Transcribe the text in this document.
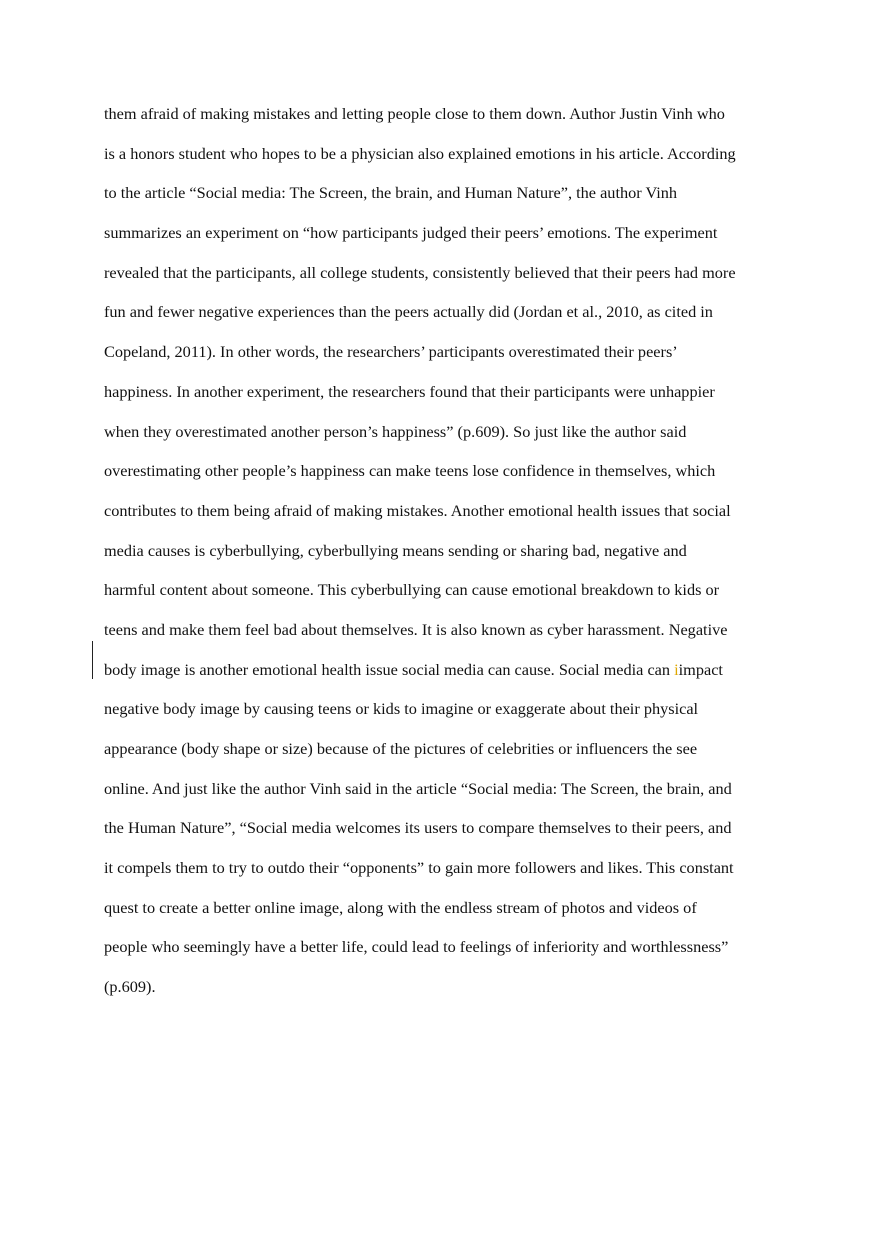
them afraid of making mistakes and letting people close to them down. Author Justin Vinh who
is a honors student who hopes to be a physician also explained emotions in his article. According
to the article “Social media: The Screen, the brain, and Human Nature”, the author Vinh
summarizes an experiment on “how participants judged their peers’ emotions. The experiment
revealed that the participants, all college students, consistently believed that their peers had more
fun and fewer negative experiences than the peers actually did (Jordan et al., 2010, as cited in
Copeland, 2011). In other words, the researchers’ participants overestimated their peers’
happiness. In another experiment, the researchers found that their participants were unhappier
when they overestimated another person’s happiness” (p.609). So just like the author said
overestimating other people’s happiness can make teens lose confidence in themselves, which
contributes to them being afraid of making mistakes. Another emotional health issues that social
media causes is cyberbullying, cyberbullying means sending or sharing bad, negative and
harmful content about someone. This cyberbullying can cause emotional breakdown to kids or
teens and make them feel bad about themselves. It is also known as cyber harassment. Negative
body image is another emotional health issue social media can cause. Social media can iimpact
negative body image by causing teens or kids to imagine or exaggerate about their physical
appearance (body shape or size) because of the pictures of celebrities or influencers the see
online. And just like the author Vinh said in the article “Social media: The Screen, the brain, and
the Human Nature”, “Social media welcomes its users to compare themselves to their peers, and
it compels them to try to outdo their “opponents” to gain more followers and likes. This constant
quest to create a better online image, along with the endless stream of photos and videos of
people who seemingly have a better life, could lead to feelings of inferiority and worthlessness”
(p.609).
